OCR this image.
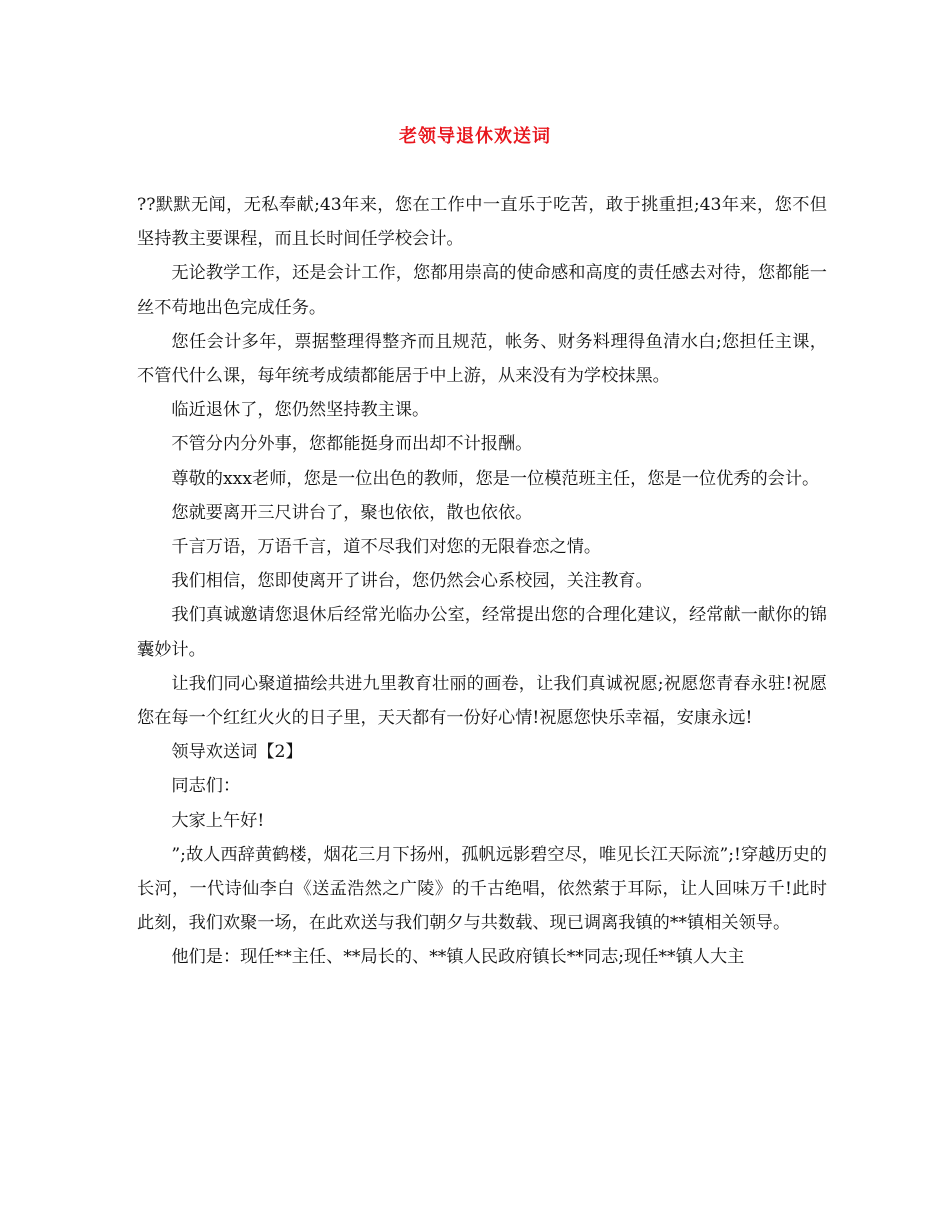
老领导退休欢送词

??默默无闻，无私奉献;43年来，您在工作中一直乐于吃苦，敢于挑重担;43年来，您不但坚持教主要课程，而且长时间任学校会计。

无论教学工作，还是会计工作，您都用崇高的使命感和高度的责任感去对待，您都能一丝不苟地出色完成任务。

您任会计多年，票据整理得整齐而且规范，帐务、财务料理得鱼清水白;您担任主课，不管代什么课，每年统考成绩都能居于中上游，从来没有为学校抹黑。

临近退休了，您仍然坚持教主课。

不管分内分外事，您都能挺身而出却不计报酬。

尊敬的xxx老师，您是一位出色的教师，您是一位模范班主任，您是一位优秀的会计。

您就要离开三尺讲台了，聚也依依，散也依依。

千言万语，万语千言，道不尽我们对您的无限眷恋之情。

我们相信，您即使离开了讲台，您仍然会心系校园，关注教育。

我们真诚邀请您退休后经常光临办公室，经常提出您的合理化建议，经常献一献你的锦囊妙计。

让我们同心聚道描绘共进九里教育壮丽的画卷，让我们真诚祝愿;祝愿您青春永驻!祝愿您在每一个红红火火的日子里，天天都有一份好心情!祝愿您快乐幸福，安康永远!

领导欢送词【2】

同志们：

大家上午好!

”;故人西辞黄鹤楼，烟花三月下扬州，孤帆远影碧空尽，唯见长江天际流”;!穿越历史的长河，一代诗仙李白《送孟浩然之广陵》的千古绝唱，依然萦于耳际，让人回味万千!此时此刻，我们欢聚一场，在此欢送与我们朝夕与共数载、现已调离我镇的**镇相关领导。

他们是：现任**主任、**局长的、**镇人民政府镇长**同志;现任**镇人大主
